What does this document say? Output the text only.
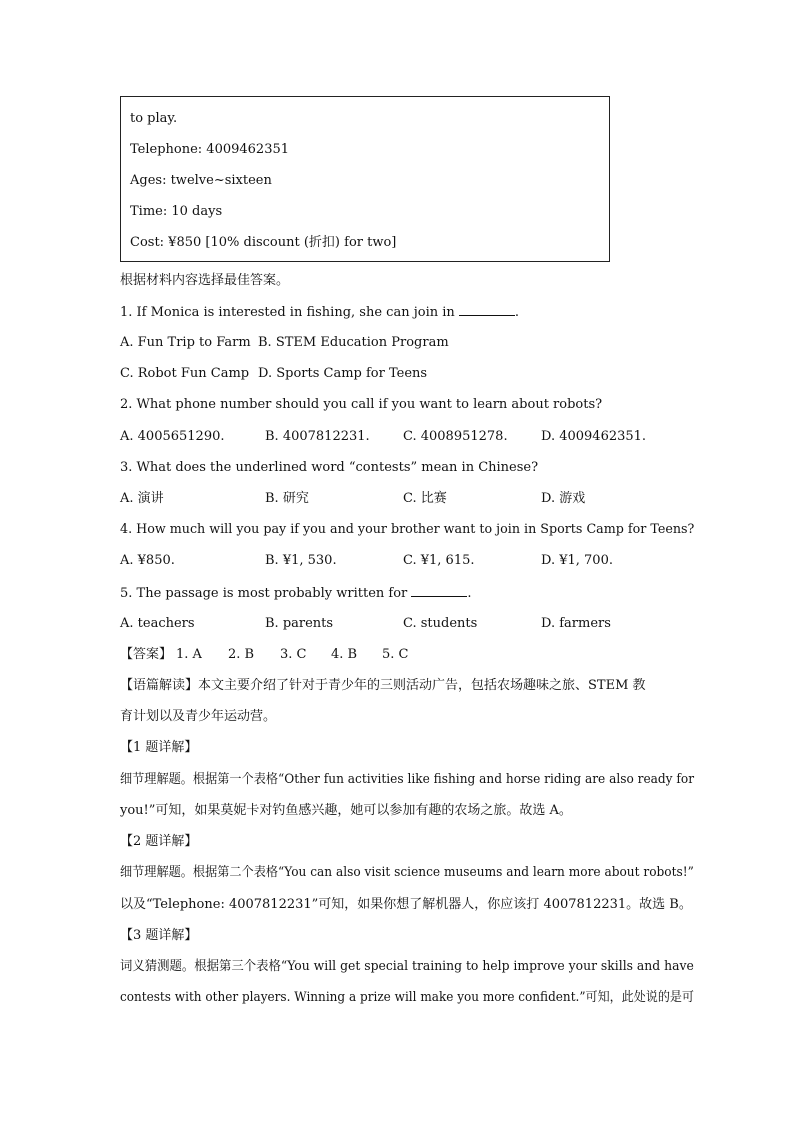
to play.
Telephone: 4009462351
Ages: twelve~sixteen
Time: 10 days
Cost: ¥850 [10% discount (折扣) for two]
根据材料内容选择最佳答案。
1. If Monica is interested in fishing, she can join in	.
A. Fun Trip to Farm B. STEM Education Program
C. Robot Fun Camp D. Sports Camp for Teens
2. What phone number should you call if you want to learn about robots?
A. 4005651290.	B. 4007812231.	C. 4008951278.	D. 4009462351.
3. What does the underlined word “contests” mean in Chinese?
A. 演讲	B. 研究	C. 比赛	D. 游戏
4. How much will you pay if you and your brother want to join in Sports Camp for Teens?
A. ¥850.	B. ¥1, 530.	C. ¥1, 615.	D. ¥1, 700.
5. The passage is most probably written for	.
A. teachers	B. parents	C. students	D. farmers
【答案】 1. A 2. B 3. C 4. B 5. C
【语篇解读】本文主要介绍了针对于青少年的三则活动广告，包括农场趣味之旅、STEM 教
育计划以及青少年运动营。
【1 题详解】
细节理解题。根据第一个表格“Other fun activities like fishing and horse riding are also ready for
you!”可知，如果莫妮卡对钓鱼感兴趣，她可以参加有趣的农场之旅。故选 A。
【2 题详解】
细节理解题。根据第二个表格“You can also visit science museums and learn more about robots!”
以及“Telephone: 4007812231”可知，如果你想了解机器人，你应该打 4007812231。故选 B。
【3 题详解】
词义猜测题。根据第三个表格“You will get special training to help improve your skills and have
contests with other players. Winning a prize will make you more confident.”可知，此处说的是可
